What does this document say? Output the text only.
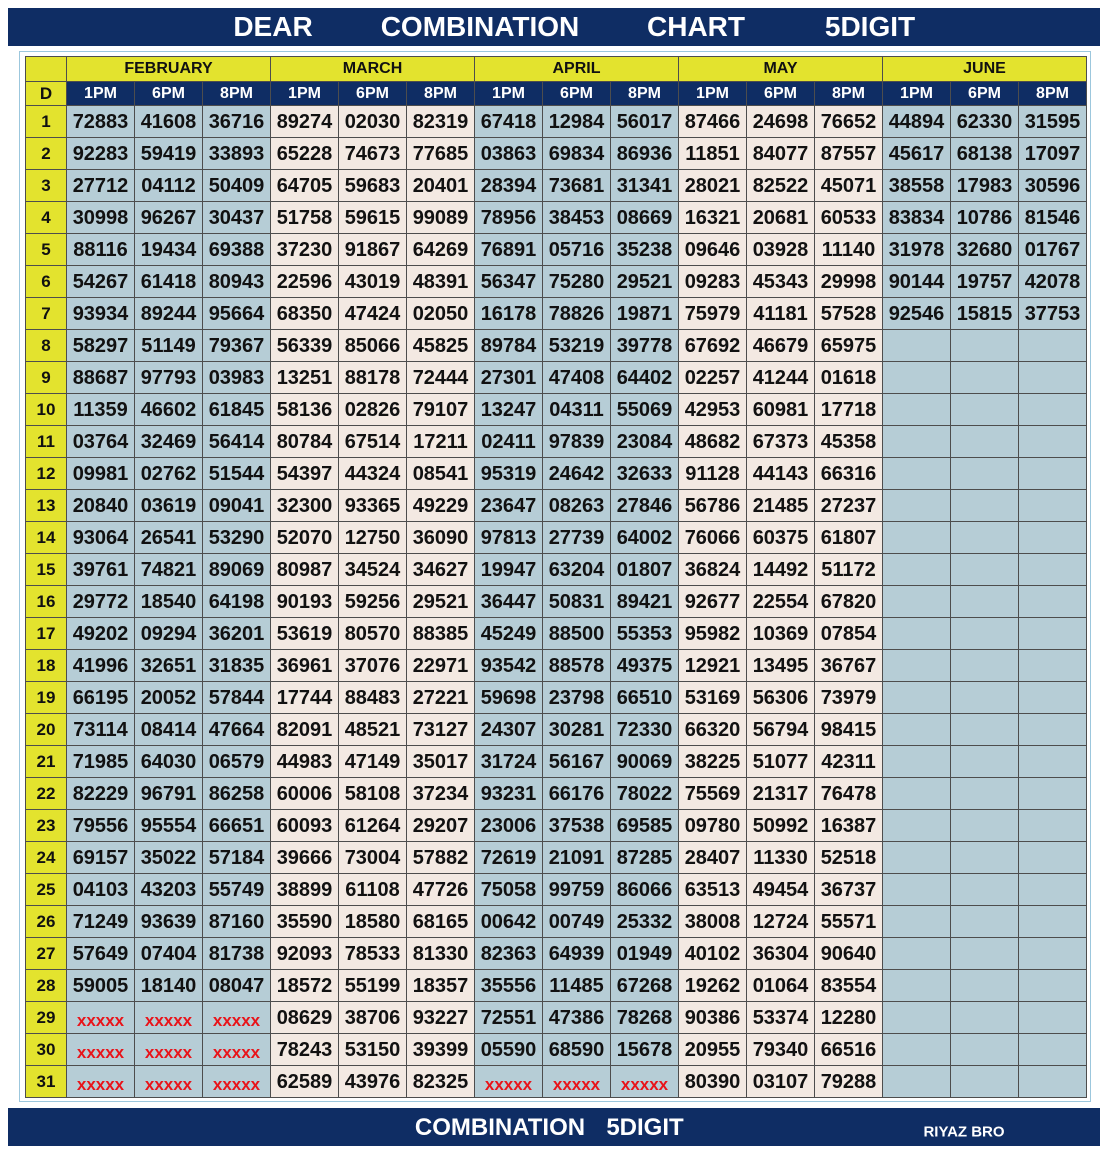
DEAR COMBINATION CHART	5DIGIT
FEBRUARY	MARCH	APRIL	MAY	JUNE
D	1PM	6PM	8PM	1PM	6PM	8PM	1PM	6PM	8PM	1PM	6PM	8PM	1PM	6PM	8PM
1	72883 41608 36716 89274 02030 82319 67418 12984 56017 87466 24698 76652 44894 62330 31595
2	92283 59419 33893 65228 74673 77685 03863 69834 86936 11851 84077 87557 45617 68138 17097
3	27712 04112 50409 64705 59683 20401 28394 73681 31341 28021 82522 45071 38558 17983 30596
4	30998 96267 30437 51758 59615 99089 78956 38453 08669 16321 20681 60533 83834 10786 81546
5	88116 19434 69388 37230 91867 64269 76891 05716 35238 09646 03928 11140 31978 32680 01767
6	54267 61418 80943 22596 43019 48391 56347 75280 29521 09283 45343 29998 90144 19757 42078
7	93934 89244 95664 68350 47424 02050 16178 78826 19871 75979 41181 57528 92546 15815 37753
8	58297 51149 79367 56339 85066 45825 89784 53219 39778 67692 46679 65975
9	88687 97793 03983 13251 88178 72444 27301 47408 64402 02257 41244 01618
10 11359 46602 61845 58136 02826 79107 13247 04311 55069 42953 60981 17718
11 03764 32469 56414 80784 67514 17211 02411 97839 23084 48682 67373 45358
12 09981 02762 51544 54397 44324 08541 95319 24642 32633 91128 44143 66316
13 20840 03619 09041 32300 93365 49229 23647 08263 27846 56786 21485 27237
14 93064 26541 53290 52070 12750 36090 97813 27739 64002 76066 60375 61807
15 39761 74821 89069 80987 34524 34627 19947 63204 01807 36824 14492 51172
16 29772 18540 64198 90193 59256 29521 36447 50831 89421 92677 22554 67820
17 49202 09294 36201 53619 80570 88385 45249 88500 55353 95982 10369 07854
18 41996 32651 31835 36961 37076 22971 93542 88578 49375 12921 13495 36767
19 66195 20052 57844 17744 88483 27221 59698 23798 66510 53169 56306 73979
20 73114 08414 47664 82091 48521 73127 24307 30281 72330 66320 56794 98415
21 71985 64030 06579 44983 47149 35017 31724 56167 90069 38225 51077 42311
22 82229 96791 86258 60006 58108 37234 93231 66176 78022 75569 21317 76478
23 79556 95554 66651 60093 61264 29207 23006 37538 69585 09780 50992 16387
24 69157 35022 57184 39666 73004 57882 72619 21091 87285 28407 11330 52518
25 04103 43203 55749 38899 61108 47726 75058 99759 86066 63513 49454 36737
26 71249 93639 87160 35590 18580 68165 00642 00749 25332 38008 12724 55571
27 57649 07404 81738 92093 78533 81330 82363 64939 01949 40102 36304 90640
28 59005 18140 08047 18572 55199 18357 35556 11485 67268 19262 01064 83554
29	xxxxx	xxxxx	xxxxx 08629 38706 93227 72551 47386 78268 90386 53374 12280
30	xxxxx	xxxxx	xxxxx 78243 53150 39399 05590 68590 15678 20955 79340 66516
31	xxxxx	xxxxx	xxxxx 62589 43976 82325 xxxxx	xxxxx	xxxxx 80390 03107 79288
COMBINATION 5DIGIT	RIYAZ BRO
